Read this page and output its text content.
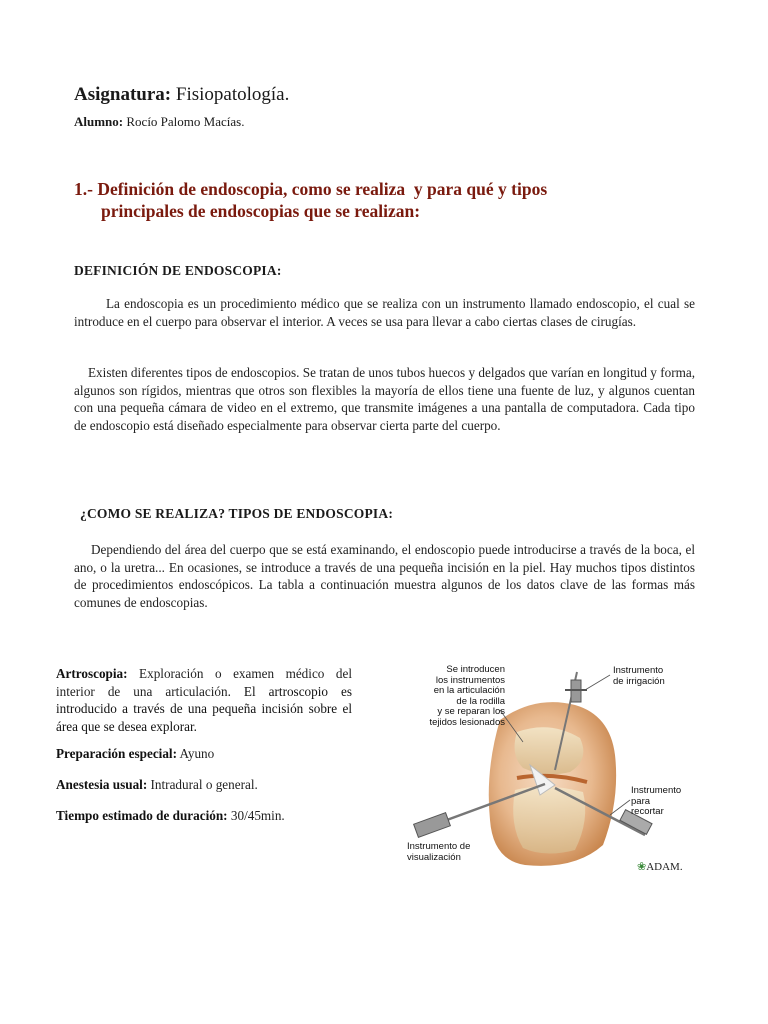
Asignatura: Fisiopatología.
Alumno: Rocío Palomo Macías.
1.- Definición de endoscopia, como se realiza  y para qué y tipos
principales de endoscopias que se realizan:
DEFINICIÓN DE ENDOSCOPIA:
La endoscopia es un procedimiento médico que se realiza con un instrumento llamado endoscopio, el cual se introduce en el cuerpo para observar el interior. A veces se usa para llevar a cabo ciertas clases de cirugías.
Existen diferentes tipos de endoscopios. Se tratan de unos tubos huecos y delgados que varían en longitud y forma, algunos son rígidos, mientras que otros son flexibles la mayoría de ellos tiene una fuente de luz, y algunos cuentan con una pequeña cámara de video en el extremo, que transmite imágenes a una pantalla de computadora. Cada tipo de endoscopio está diseñado especialmente para observar cierta parte del cuerpo.
¿COMO SE REALIZA? TIPOS DE ENDOSCOPIA:
Dependiendo del área del cuerpo que se está examinando, el endoscopio puede introducirse a través de la boca, el ano, o la uretra... En ocasiones, se introduce a través de una pequeña incisión en la piel. Hay muchos tipos distintos de procedimientos endoscópicos. La tabla a continuación muestra algunos de los datos clave de las formas más comunes de endoscopias.
Artroscopia: Exploración o examen médico del interior de una articulación. El artroscopio es introducido a través de una pequeña incisión sobre el área que se desea explorar.
Preparación especial: Ayuno
Anestesia usual: Intradural o general.
Tiempo estimado de duración: 30/45min.
Se introducen
los instrumentos
en la articulación
de la rodilla
y se reparan los
tejidos lesionados
Instrumento
de irrigación
Instrumento
para
recortar
Instrumento de
visualización
❀ADAM.
